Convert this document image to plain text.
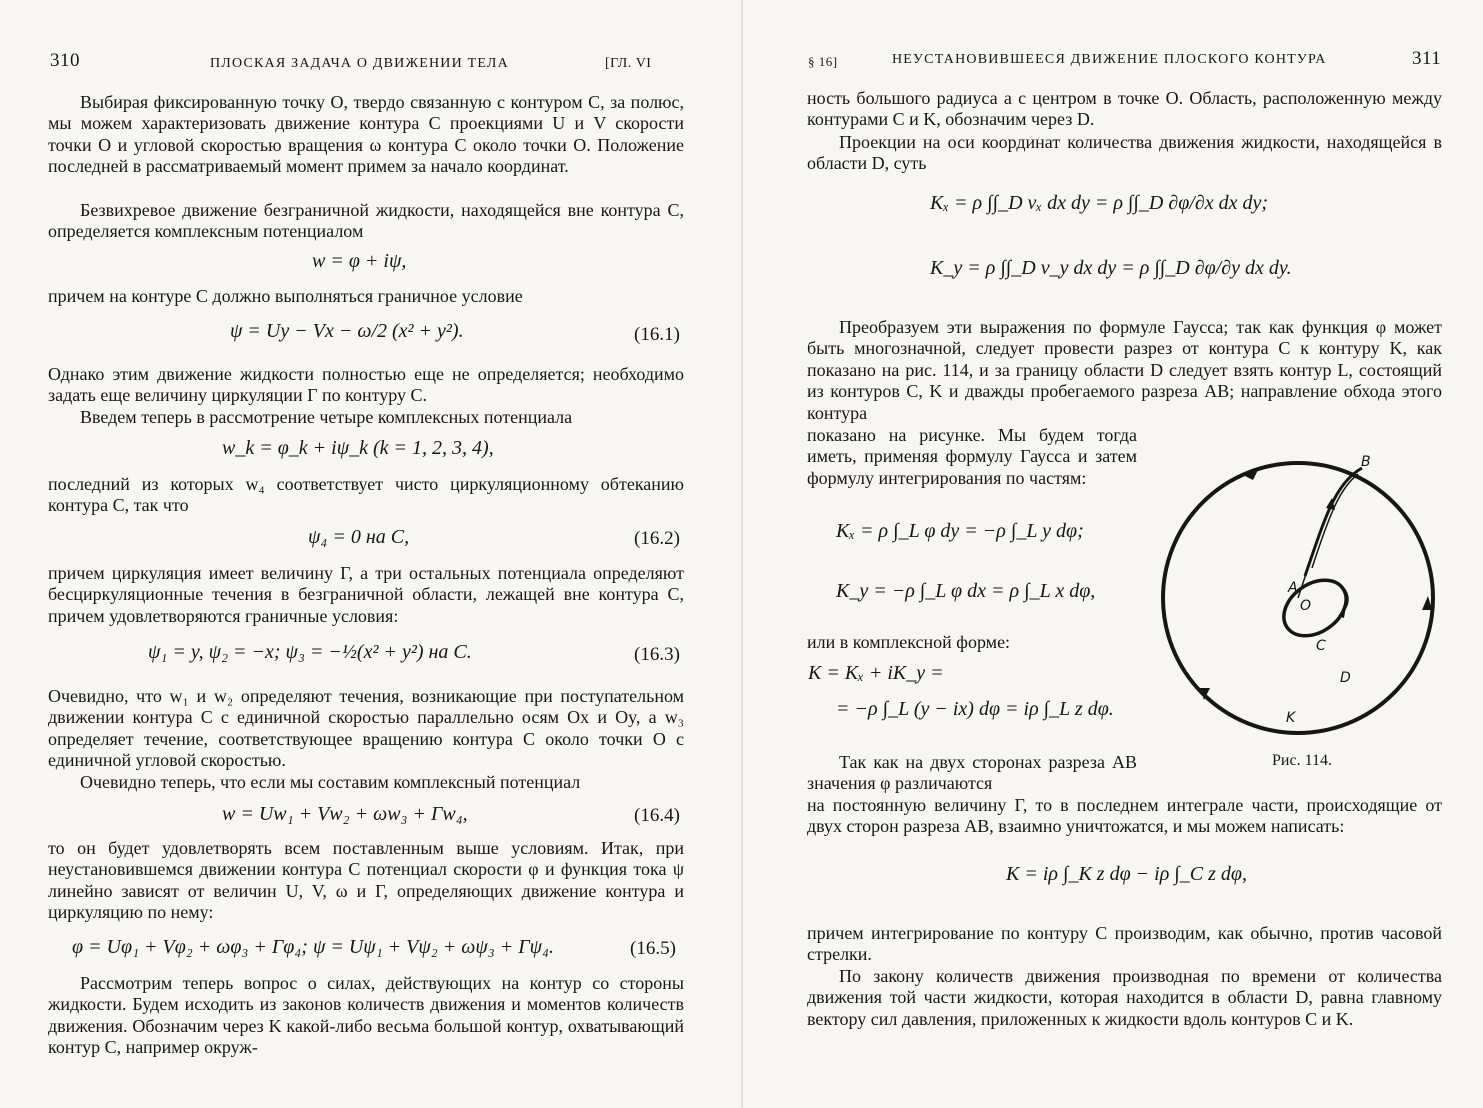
310	ПЛОСКАЯ ЗАДАЧА О ДВИЖЕНИИ ТЕЛА	[ГЛ. VI
Выбирая фиксированную точку O, твердо связанную с контуром C, за полюс, мы можем характеризовать движение контура C проекциями U и V скорости точки O и угловой скоростью вращения ω контура C около точки O. Положение последней в рассматриваемый момент примем за начало координат.
Безвихревое движение безграничной жидкости, находящейся вне контура C, определяется комплексным потенциалом
w = φ + iψ,
причем на контуре C должно выполняться граничное условие
ψ = Uy − Vx − ω/2 (x² + y²).	(16.1)
Однако этим движение жидкости полностью еще не определяется; необходимо задать еще величину циркуляции Г по контуру C.
Введем теперь в рассмотрение четыре комплексных потенциала
w_k = φ_k + iψ_k (k = 1, 2, 3, 4),
последний из которых w₄ соответствует чисто циркуляционному обтеканию контура C, так что
ψ₄ = 0 на C,	(16.2)
причем циркуляция имеет величину Г, а три остальных потенциала определяют бесциркуляционные течения в безграничной области, лежащей вне контура C, причем удовлетворяются граничные условия:
ψ₁ = y, ψ₂ = −x; ψ₃ = −½(x² + y²) на C.	(16.3)
Очевидно, что w₁ и w₂ определяют течения, возникающие при поступательном движении контура C с единичной скоростью параллельно осям Ox и Oy, а w₃ определяет течение, соответствующее вращению контура C около точки O с единичной угловой скоростью.
Очевидно теперь, что если мы составим комплексный потенциал
w = Uw₁ + Vw₂ + ωw₃ + Гw₄,	(16.4)
то он будет удовлетворять всем поставленным выше условиям. Итак, при неустановившемся движении контура C потенциал скорости φ и функция тока ψ линейно зависят от величин U, V, ω и Г, определяющих движение контура и циркуляцию по нему:
φ = Uφ₁ + Vφ₂ + ωφ₃ + Гφ₄; ψ = Uψ₁ + Vψ₂ + ωψ₃ + Гψ₄.	(16.5)
Рассмотрим теперь вопрос о силах, действующих на контур со стороны жидкости. Будем исходить из законов количеств движения и моментов количеств движения. Обозначим через K какой-либо весьма большой контур, охватывающий контур C, например окруж-
§ 16]	НЕУСТАНОВИВШЕЕСЯ ДВИЖЕНИЕ ПЛОСКОГО КОНТУРА	311
ность большого радиуса a с центром в точке O. Область, расположенную между контурами C и K, обозначим через D.
Проекции на оси координат количества движения жидкости, находящейся в области D, суть
Kₓ = ρ ∫∫_D vₓ dx dy = ρ ∫∫_D ∂φ/∂x dx dy;
K_y = ρ ∫∫_D v_y dx dy = ρ ∫∫_D ∂φ/∂y dx dy.
Преобразуем эти выражения по формуле Гаусса; так как функция φ может быть многозначной, следует провести разрез от контура C к контуру K, как показано на рис. 114, и за границу области D следует взять контур L, состоящий из контуров C, K и дважды пробегаемого разреза AB; направление обхода этого контура
показано на рисунке. Мы будем тогда иметь, применяя формулу Гаусса и затем формулу интегрирования по частям:
Kₓ = ρ ∫_L φ dy = −ρ ∫_L y dφ;
K_y = −ρ ∫_L φ dx = ρ ∫_L x dφ,
или в комплексной форме:
K = Kₓ + iK_y =
= −ρ ∫_L (y − ix) dφ = iρ ∫_L z dφ.
Так как на двух сторонах разреза AB значения φ различаются
на постоянную величину Г, то в последнем интеграле части, происходящие от двух сторон разреза AB, взаимно уничтожатся, и мы можем написать:
K = iρ ∫_K z dφ − iρ ∫_C z dφ,
причем интегрирование по контуру C производим, как обычно, против часовой стрелки.
По закону количеств движения производная по времени от количества движения той части жидкости, которая находится в области D, равна главному вектору сил давления, приложенных к жидкости вдоль контуров C и K.
B
A
O
C
D
K
Рис. 114.
